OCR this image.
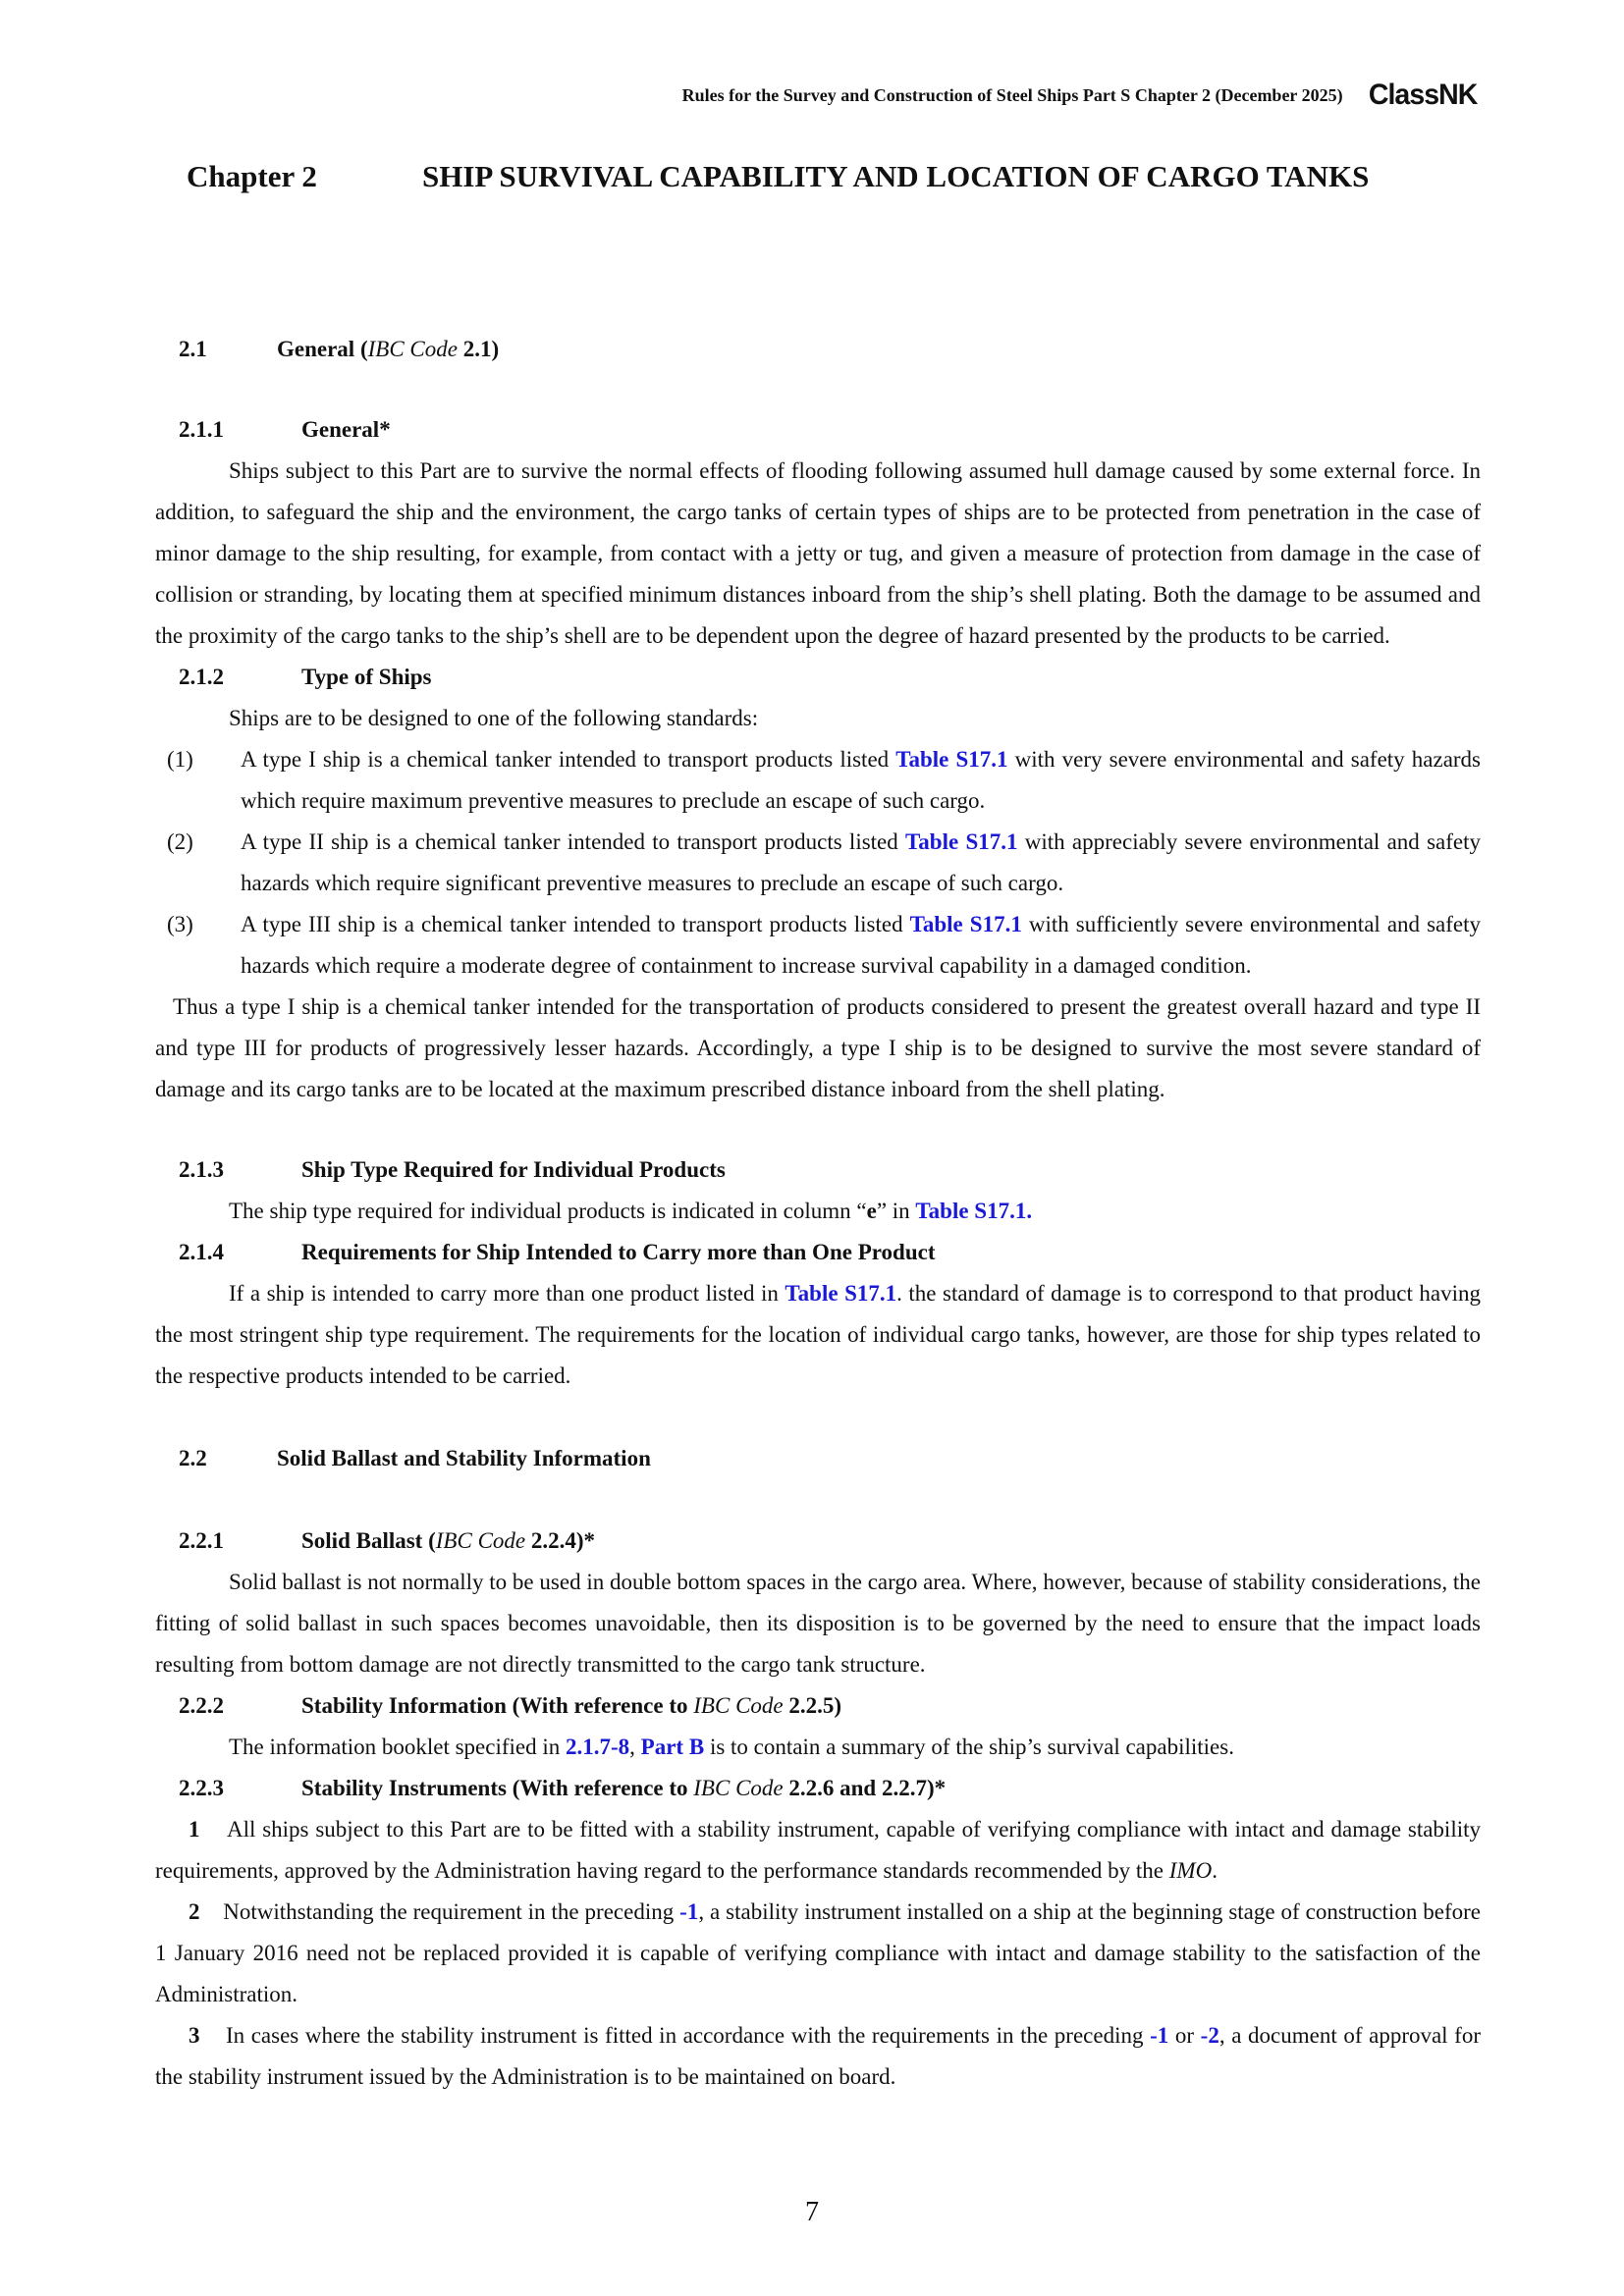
Rules for the Survey and Construction of Steel Ships Part S Chapter 2 (December 2025) ClassNK
Chapter 2	SHIP SURVIVAL CAPABILITY AND LOCATION OF CARGO TANKS
2.1	General (IBC Code 2.1)
2.1.1	General*

Ships subject to this Part are to survive the normal effects of flooding following assumed hull damage caused by some external force. In addition, to safeguard the ship and the environment, the cargo tanks of certain types of ships are to be protected from penetration in the case of minor damage to the ship resulting, for example, from contact with a jetty or tug, and given a measure of protection from damage in the case of collision or stranding, by locating them at specified minimum distances inboard from the ship’s shell plating. Both the damage to be assumed and the proximity of the cargo tanks to the ship’s shell are to be dependent upon the degree of hazard presented by the products to be carried.

2.1.2	Type of Ships

Ships are to be designed to one of the following standards:

(1)	A type I ship is a chemical tanker intended to transport products listed Table S17.1 with very severe environmental and safety hazards which require maximum preventive measures to preclude an escape of such cargo.
(2)	A type II ship is a chemical tanker intended to transport products listed Table S17.1 with appreciably severe environmental and safety hazards which require significant preventive measures to preclude an escape of such cargo.
(3)	A type III ship is a chemical tanker intended to transport products listed Table S17.1 with sufficiently severe environmental and safety hazards which require a moderate degree of containment to increase survival capability in a damaged condition.

Thus a type I ship is a chemical tanker intended for the transportation of products considered to present the greatest overall hazard and type II and type III for products of progressively lesser hazards. Accordingly, a type I ship is to be designed to survive the most severe standard of damage and its cargo tanks are to be located at the maximum prescribed distance inboard from the shell plating.

2.1.3	Ship Type Required for Individual Products

The ship type required for individual products is indicated in column “e” in Table S17.1.

2.1.4	Requirements for Ship Intended to Carry more than One Product

If a ship is intended to carry more than one product listed in Table S17.1. the standard of damage is to correspond to that product having the most stringent ship type requirement. The requirements for the location of individual cargo tanks, however, are those for ship types related to the respective products intended to be carried.

2.2	Solid Ballast and Stability Information
2.2.1	Solid Ballast (IBC Code 2.2.4)*

Solid ballast is not normally to be used in double bottom spaces in the cargo area. Where, however, because of stability considerations, the fitting of solid ballast in such spaces becomes unavoidable, then its disposition is to be governed by the need to ensure that the impact loads resulting from bottom damage are not directly transmitted to the cargo tank structure.

2.2.2	Stability Information (With reference to IBC Code 2.2.5)

The information booklet specified in 2.1.7-8, Part B is to contain a summary of the ship’s survival capabilities.

2.2.3	Stability Instruments (With reference to IBC Code 2.2.6 and 2.2.7)*

1 All ships subject to this Part are to be fitted with a stability instrument, capable of verifying compliance with intact and damage stability requirements, approved by the Administration having regard to the performance standards recommended by the IMO.

2 Notwithstanding the requirement in the preceding -1, a stability instrument installed on a ship at the beginning stage of construction before 1 January 2016 need not be replaced provided it is capable of verifying compliance with intact and damage stability to the satisfaction of the Administration.

3 In cases where the stability instrument is fitted in accordance with the requirements in the preceding -1 or -2, a document of approval for the stability instrument issued by the Administration is to be maintained on board.

7
